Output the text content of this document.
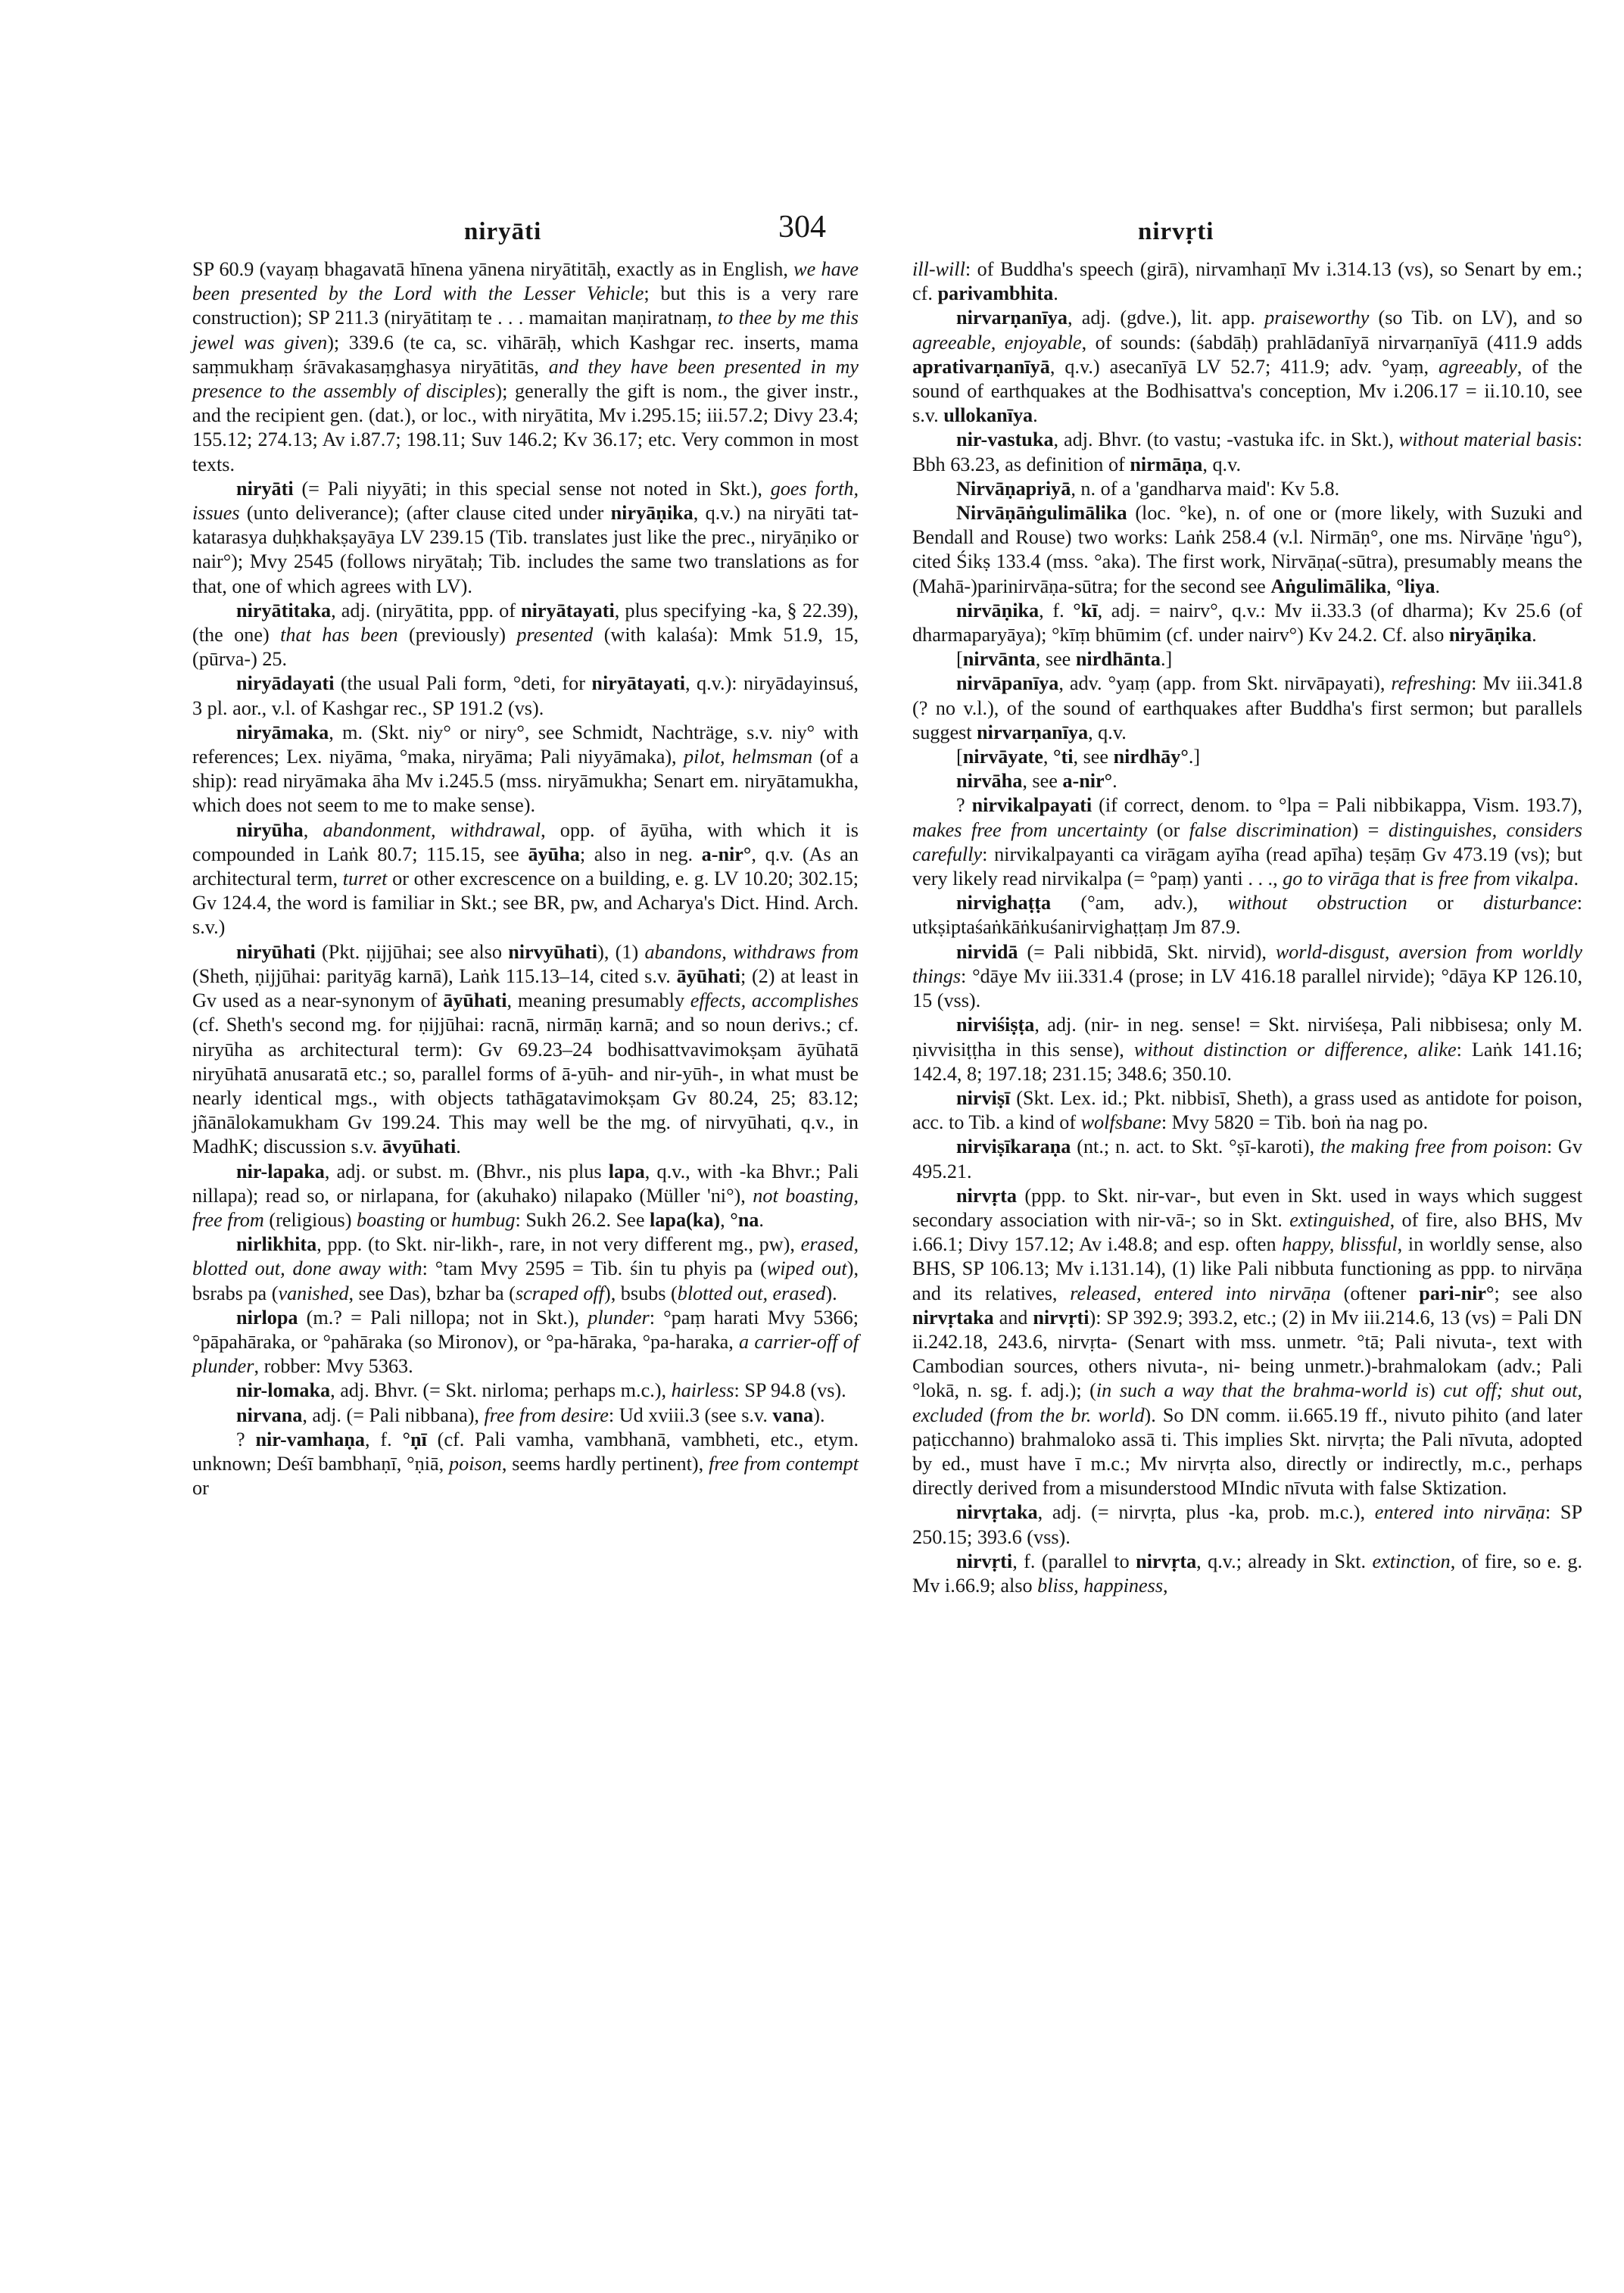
niryāti	304	nirvṛti

SP 60.9 (vayaṃ bhagavatā hīnena yānena niryātitāḥ, exactly as in English, we have been presented by the Lord with the Lesser Vehicle; but this is a very rare construction); SP 211.3 (niryātitaṃ te . . . mamaitan maṇiratnaṃ, to thee by me this jewel was given); 339.6 (te ca, sc. vihārāḥ, which Kashgar rec. inserts, mama saṃmukhaṃ śrāvakasaṃghasya niryātitās, and they have been presented in my presence to the assembly of disciples); generally the gift is nom., the giver instr., and the recipient gen. (dat.), or loc., with niryātita, Mv i.295.15; iii.57.2; Divy 23.4; 155.12; 274.13; Av i.87.7; 198.11; Suv 146.2; Kv 36.17; etc. Very common in most texts.

niryāti (= Pali niyyāti; in this special sense not noted in Skt.), goes forth, issues (unto deliverance); (after clause cited under niryāṇika, q.v.) na niryāti tat-katarasya duḥkhakṣayāya LV 239.15 (Tib. translates just like the prec., niryāṇiko or nair°); Mvy 2545 (follows niryātaḥ; Tib. includes the same two translations as for that, one of which agrees with LV).

niryātitaka, adj. (niryātita, ppp. of niryātayati, plus specifying -ka, § 22.39), (the one) that has been (previously) presented (with kalaśa): Mmk 51.9, 15, (pūrva-) 25.

niryādayati (the usual Pali form, °deti, for niryātayati, q.v.): niryādayinsuś, 3 pl. aor., v.l. of Kashgar rec., SP 191.2 (vs).

niryāmaka, m. (Skt. niy° or niry°, see Schmidt, Nachträge, s.v. niy° with references; Lex. niyāma, °maka, niryāma; Pali niyyāmaka), pilot, helmsman (of a ship): read niryāmaka āha Mv i.245.5 (mss. niryāmukha; Senart em. niryātamukha, which does not seem to me to make sense).

niryūha, abandonment, withdrawal, opp. of āyūha, with which it is compounded in Laṅk 80.7; 115.15, see āyūha; also in neg. a-nir°, q.v. (As an architectural term, turret or other excrescence on a building, e. g. LV 10.20; 302.15; Gv 124.4, the word is familiar in Skt.; see BR, pw, and Acharya's Dict. Hind. Arch. s.v.)

niryūhati (Pkt. ṇijjūhai; see also nirvyūhati), (1) abandons, withdraws from (Sheth, ṇijjūhai: parityāg karnā), Laṅk 115.13–14, cited s.v. āyūhati; (2) at least in Gv used as a near-synonym of āyūhati, meaning presumably effects, accomplishes (cf. Sheth's second mg. for ṇijjūhai: racnā, nirmāṇ karnā; and so noun derivs.; cf. niryūha as architectural term): Gv 69.23–24 bodhisattvavimokṣam āyūhatā niryūhatā anusaratā etc.; so, parallel forms of ā-yūh- and nir-yūh-, in what must be nearly identical mgs., with objects tathāgatavimokṣam Gv 80.24, 25; 83.12; jñānālokamukham Gv 199.24. This may well be the mg. of nirvyūhati, q.v., in MadhK; discussion s.v. āvyūhati.

nir-lapaka, adj. or subst. m. (Bhvr., nis plus lapa, q.v., with -ka Bhvr.; Pali nillapa); read so, or nirlapana, for (akuhako) nilapako (Müller 'ni°), not boasting, free from (religious) boasting or humbug: Sukh 26.2. See lapa(ka), °na.

nirlikhita, ppp. (to Skt. nir-likh-, rare, in not very different mg., pw), erased, blotted out, done away with: °tam Mvy 2595 = Tib. śin tu phyis pa (wiped out), bsrabs pa (vanished, see Das), bzhar ba (scraped off), bsubs (blotted out, erased).

nirlopa (m.? = Pali nillopa; not in Skt.), plunder: °paṃ harati Mvy 5366; °pāpahāraka, or °pahāraka (so Mironov), or °pa-hāraka, °pa-haraka, a carrier-off of plunder, robber: Mvy 5363.

nir-lomaka, adj. Bhvr. (= Skt. nirloma; perhaps m.c.), hairless: SP 94.8 (vs).

nirvana, adj. (= Pali nibbana), free from desire: Ud xviii.3 (see s.v. vana).

? nir-vamhaṇa, f. °ṇī (cf. Pali vamha, vambhanā, vambheti, etc., etym. unknown; Deśī bambhaṇī, °ṇiā, poison, seems hardly pertinent), free from contempt or

ill-will: of Buddha's speech (girā), nirvamhaṇī Mv i.314.13 (vs), so Senart by em.; cf. parivambhita.

nirvarṇanīya, adj. (gdve.), lit. app. praiseworthy (so Tib. on LV), and so agreeable, enjoyable, of sounds: (śabdāḥ) prahlādanīyā nirvarṇanīyā (411.9 adds aprativarṇanīyā, q.v.) asecanīyā LV 52.7; 411.9; adv. °yaṃ, agreeably, of the sound of earthquakes at the Bodhisattva's conception, Mv i.206.17 = ii.10.10, see s.v. ullokanīya.

nir-vastuka, adj. Bhvr. (to vastu; -vastuka ifc. in Skt.), without material basis: Bbh 63.23, as definition of nirmāṇa, q.v.

Nirvāṇapriyā, n. of a 'gandharva maid': Kv 5.8.

Nirvāṇāṅgulimālika (loc. °ke), n. of one or (more likely, with Suzuki and Bendall and Rouse) two works: Laṅk 258.4 (v.l. Nirmāṇ°, one ms. Nirvāṇe 'ṅgu°), cited Śikṣ 133.4 (mss. °aka). The first work, Nirvāṇa(-sūtra), presumably means the (Mahā-)parinirvāṇa-sūtra; for the second see Aṅgulimālika, °liya.

nirvāṇika, f. °kī, adj. = nairv°, q.v.: Mv ii.33.3 (of dharma); Kv 25.6 (of dharmaparyāya); °kīṃ bhūmim (cf. under nairv°) Kv 24.2. Cf. also niryāṇika.

[nirvānta, see nirdhānta.]

nirvāpanīya, adv. °yaṃ (app. from Skt. nirvāpayati), refreshing: Mv iii.341.8 (? no v.l.), of the sound of earthquakes after Buddha's first sermon; but parallels suggest nirvarṇanīya, q.v.

[nirvāyate, °ti, see nirdhāy°.]

nirvāha, see a-nir°.

? nirvikalpayati (if correct, denom. to °lpa = Pali nibbikappa, Vism. 193.7), makes free from uncertainty (or false discrimination) = distinguishes, considers carefully: nirvikalpayanti ca virāgam ayīha (read apīha) teṣāṃ Gv 473.19 (vs); but very likely read nirvikalpa (= °paṃ) yanti . . ., go to virāga that is free from vikalpa.

nirvighaṭṭa (°am, adv.), without obstruction or disturbance: utkṣiptaśaṅkāṅkuśanirvighaṭṭaṃ Jm 87.9.

nirvidā (= Pali nibbidā, Skt. nirvid), world-disgust, aversion from worldly things: °dāye Mv iii.331.4 (prose; in LV 416.18 parallel nirvide); °dāya KP 126.10, 15 (vss).

nirviśiṣṭa, adj. (nir- in neg. sense! = Skt. nirviśeṣa, Pali nibbisesa; only M. ṇivvisiṭṭha in this sense), without distinction or difference, alike: Laṅk 141.16; 142.4, 8; 197.18; 231.15; 348.6; 350.10.

nirviṣī (Skt. Lex. id.; Pkt. nibbisī, Sheth), a grass used as antidote for poison, acc. to Tib. a kind of wolfsbane: Mvy 5820 = Tib. boṅ ṅa nag po.

nirviṣīkaraṇa (nt.; n. act. to Skt. °ṣī-karoti), the making free from poison: Gv 495.21.

nirvṛta (ppp. to Skt. nir-var-, but even in Skt. used in ways which suggest secondary association with nir-vā-; so in Skt. extinguished, of fire, also BHS, Mv i.66.1; Divy 157.12; Av i.48.8; and esp. often happy, blissful, in worldly sense, also BHS, SP 106.13; Mv i.131.14), (1) like Pali nibbuta functioning as ppp. to nirvāṇa and its relatives, released, entered into nirvāṇa (oftener pari-nir°; see also nirvṛtaka and nirvṛti): SP 392.9; 393.2, etc.; (2) in Mv iii.214.6, 13 (vs) = Pali DN ii.242.18, 243.6, nirvṛta- (Senart with mss. unmetr. °tā; Pali nivuta-, text with Cambodian sources, others nivuta-, ni- being unmetr.)-brahmalokam (adv.; Pali °lokā, n. sg. f. adj.); (in such a way that the brahma-world is) cut off; shut out, excluded (from the br. world). So DN comm. ii.665.19 ff., nivuto pihito (and later paṭicchanno) brahmaloko assā ti. This implies Skt. nirvṛta; the Pali nīvuta, adopted by ed., must have ī m.c.; Mv nirvṛta also, directly or indirectly, m.c., perhaps directly derived from a misunderstood MIndic nīvuta with false Sktization.

nirvṛtaka, adj. (= nirvṛta, plus -ka, prob. m.c.), entered into nirvāṇa: SP 250.15; 393.6 (vss).

nirvṛti, f. (parallel to nirvṛta, q.v.; already in Skt. extinction, of fire, so e. g. Mv i.66.9; also bliss, happiness,
